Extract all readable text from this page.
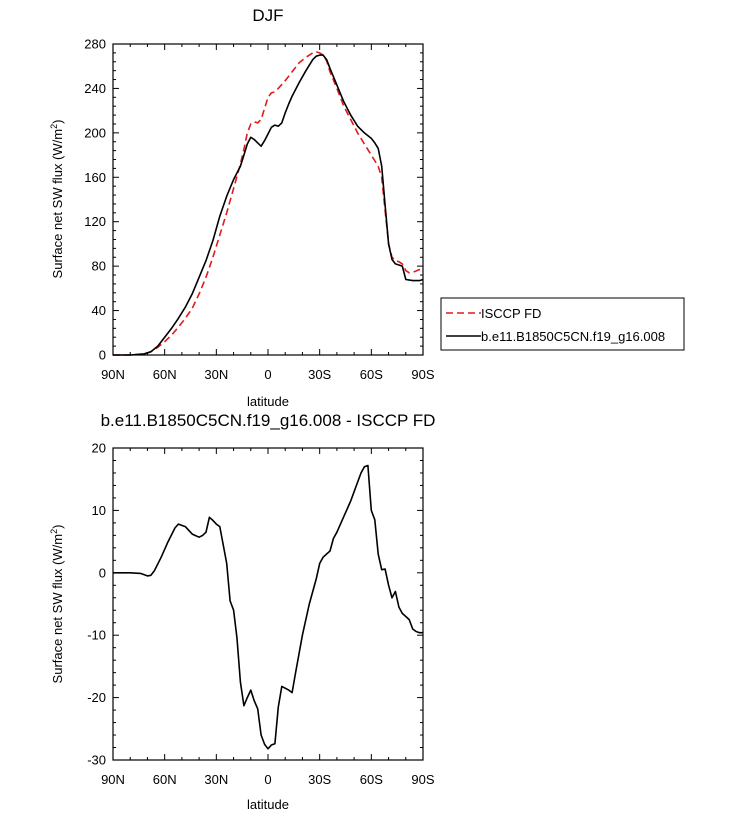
DJF
90N 60N 30N	0	30S 60S 90S
0
40
80
120
160
200
240
280
latitude
Surface net SW flux $(W/m^2)$
ISCCP FD
b.e11.B1850C5CN.f19_g16.008
b.e11.B1850C5CN.f19_g16.008 - ISCCP FD
90N 60N 30N	0	30S 60S 90S
-30
-20
-10
0
10
20
latitude
Surface net SW flux $(W/m^2)$
